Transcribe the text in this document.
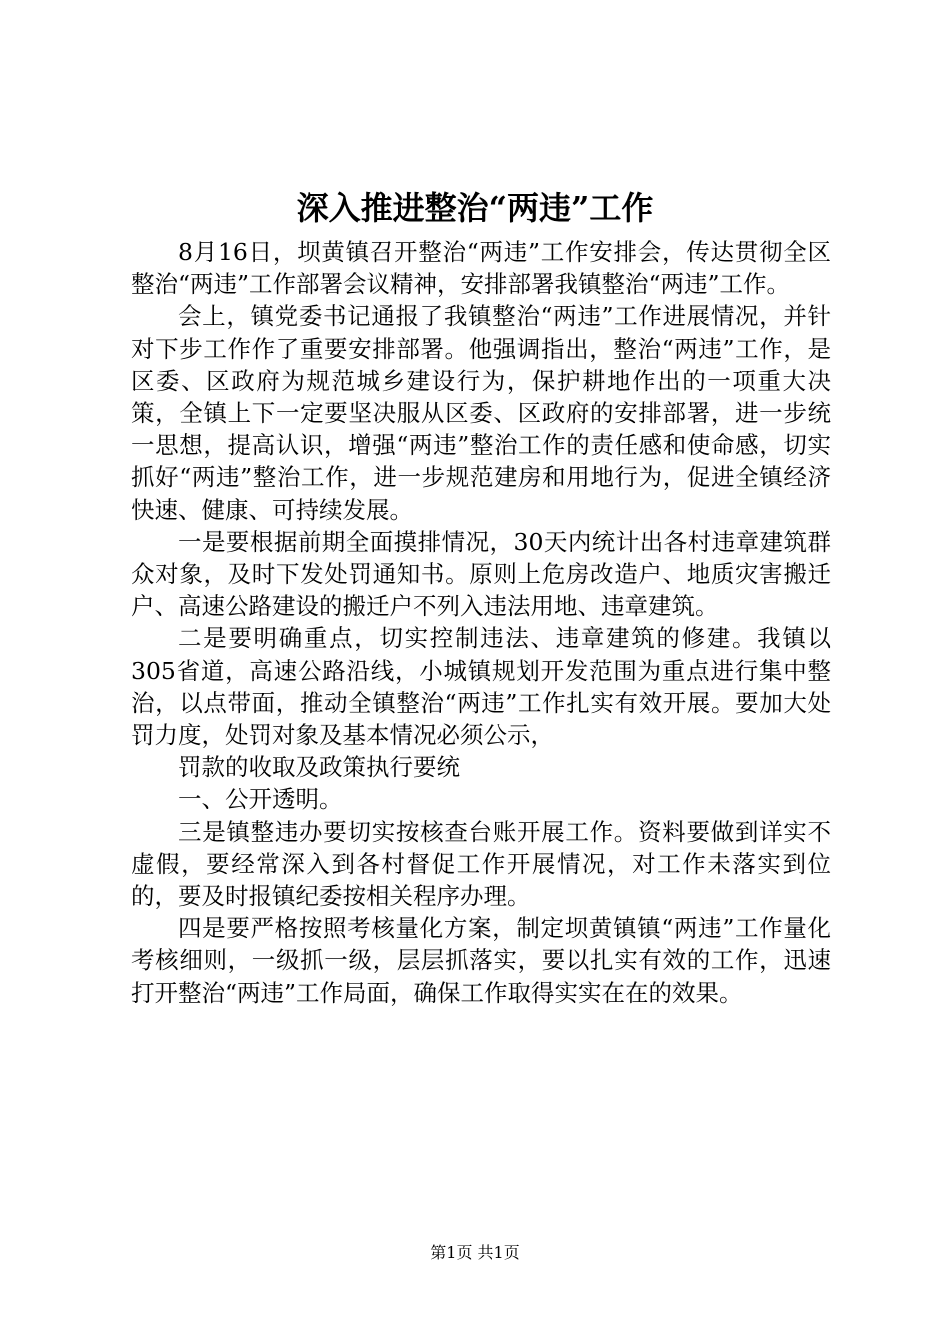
深入推进整治“两违”工作

8月16日，坝黄镇召开整治“两违”工作安排会，传达贯彻全区整治“两违”工作部署会议精神，安排部署我镇整治“两违”工作。

会上，镇党委书记通报了我镇整治“两违”工作进展情况，并针对下步工作作了重要安排部署。他强调指出，整治“两违”工作，是区委、区政府为规范城乡建设行为，保护耕地作出的一项重大决策，全镇上下一定要坚决服从区委、区政府的安排部署，进一步统一思想，提高认识，增强“两违”整治工作的责任感和使命感，切实抓好“两违”整治工作，进一步规范建房和用地行为，促进全镇经济快速、健康、可持续发展。

一是要根据前期全面摸排情况，30天内统计出各村违章建筑群众对象，及时下发处罚通知书。原则上危房改造户、地质灾害搬迁户、高速公路建设的搬迁户不列入违法用地、违章建筑。

二是要明确重点，切实控制违法、违章建筑的修建。我镇以305省道，高速公路沿线，小城镇规划开发范围为重点进行集中整治，以点带面，推动全镇整治“两违”工作扎实有效开展。要加大处罚力度，处罚对象及基本情况必须公示，

罚款的收取及政策执行要统

一、公开透明。

三是镇整违办要切实按核查台账开展工作。资料要做到详实不虚假，要经常深入到各村督促工作开展情况，对工作未落实到位的，要及时报镇纪委按相关程序办理。

四是要严格按照考核量化方案，制定坝黄镇镇“两违”工作量化考核细则，一级抓一级，层层抓落实，要以扎实有效的工作，迅速打开整治“两违”工作局面，确保工作取得实实在在的效果。

第1页 共1页
